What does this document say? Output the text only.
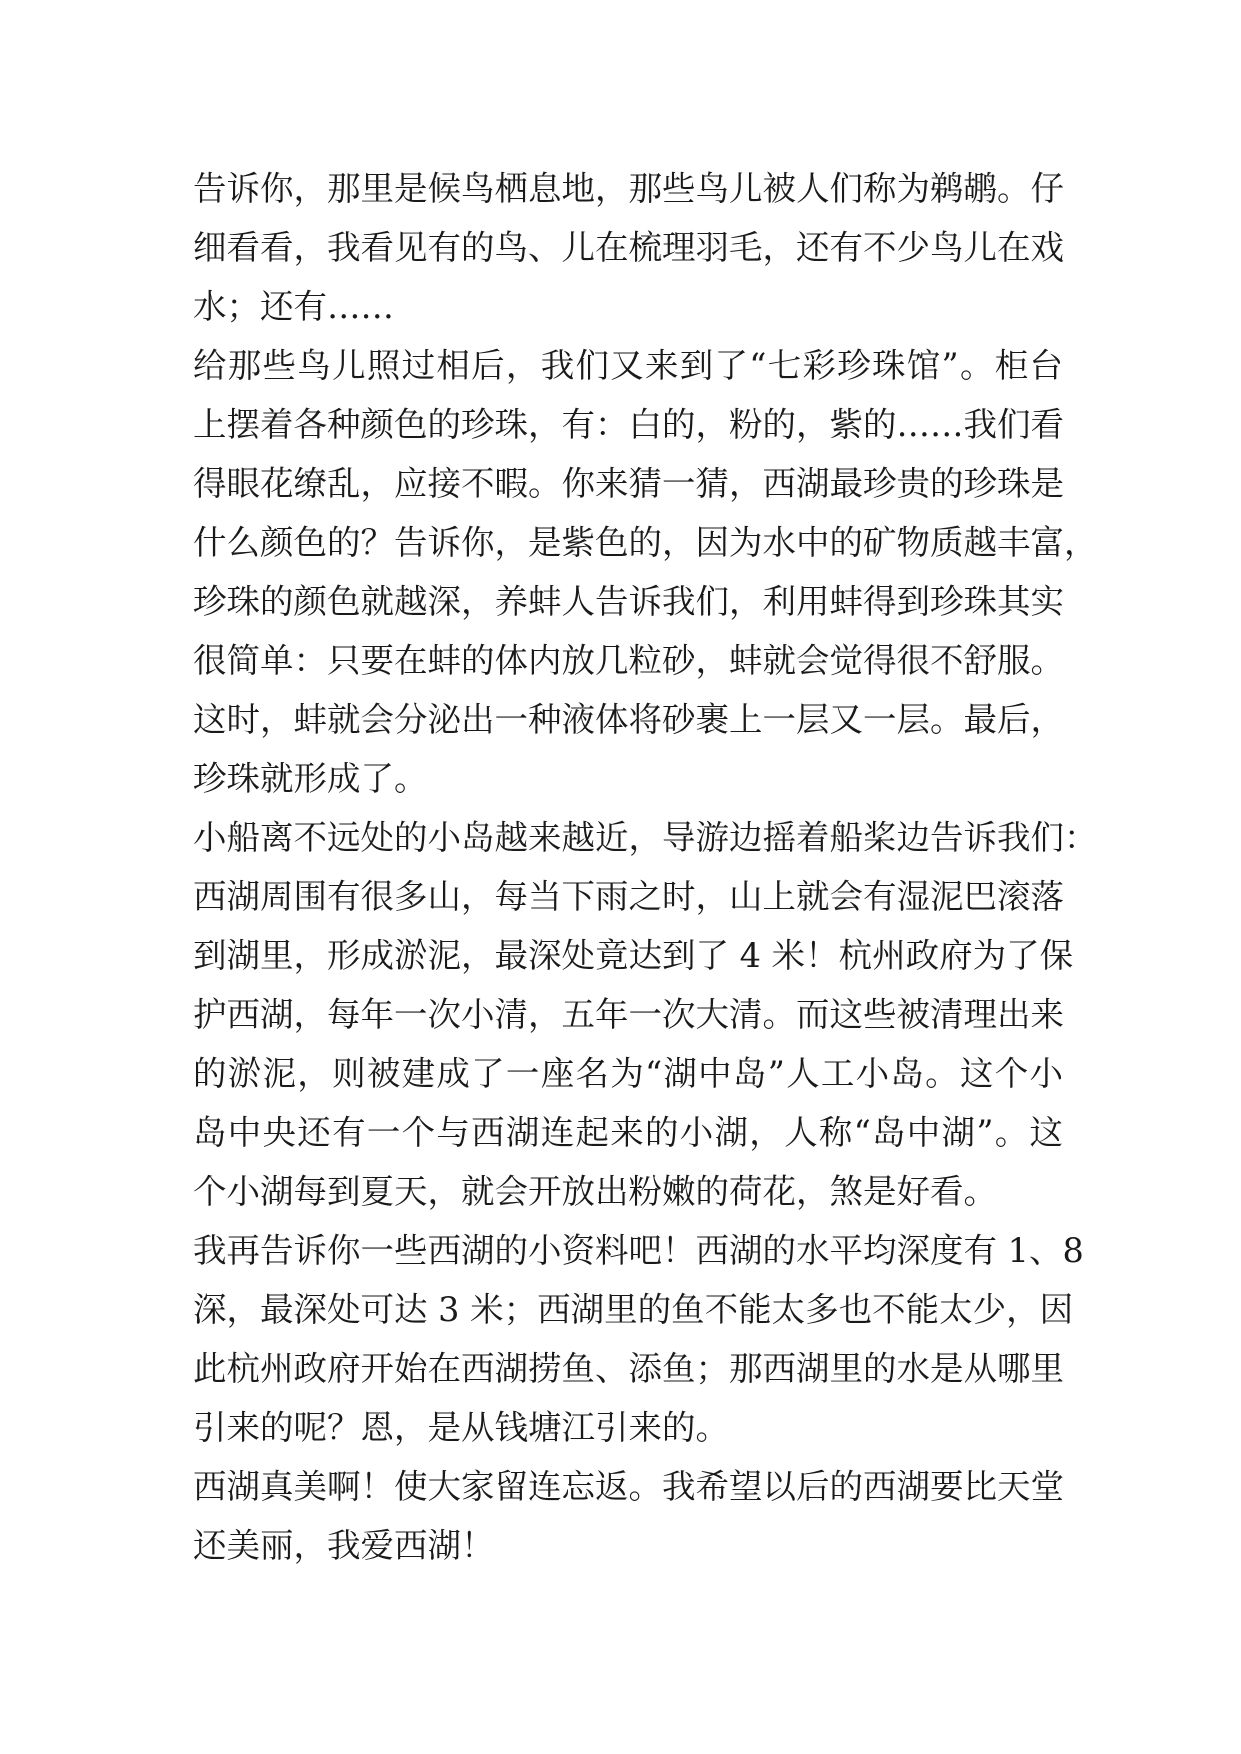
告诉你，那里是候鸟栖息地，那些鸟儿被人们称为鹈鹕。仔
细看看，我看见有的鸟、儿在梳理羽毛，还有不少鸟儿在戏
水；还有……
给那些鸟儿照过相后，我们又来到了“七彩珍珠馆”。柜台
上摆着各种颜色的珍珠，有：白的，粉的，紫的……我们看
得眼花缭乱，应接不暇。你来猜一猜，西湖最珍贵的珍珠是
什么颜色的？告诉你，是紫色的，因为水中的矿物质越丰富，
珍珠的颜色就越深，养蚌人告诉我们，利用蚌得到珍珠其实
很简单：只要在蚌的体内放几粒砂，蚌就会觉得很不舒服。
这时，蚌就会分泌出一种液体将砂裹上一层又一层。最后，
珍珠就形成了。
小船离不远处的小岛越来越近，导游边摇着船桨边告诉我们：
西湖周围有很多山，每当下雨之时，山上就会有湿泥巴滚落
到湖里，形成淤泥，最深处竟达到了 4 米！杭州政府为了保
护西湖，每年一次小清，五年一次大清。而这些被清理出来
的淤泥，则被建成了一座名为“湖中岛”人工小岛。这个小
岛中央还有一个与西湖连起来的小湖，人称“岛中湖”。这
个小湖每到夏天，就会开放出粉嫩的荷花，煞是好看。
我再告诉你一些西湖的小资料吧！西湖的水平均深度有 1、8
深，最深处可达 3 米；西湖里的鱼不能太多也不能太少，因
此杭州政府开始在西湖捞鱼、添鱼；那西湖里的水是从哪里
引来的呢？恩，是从钱塘江引来的。
西湖真美啊！使大家留连忘返。我希望以后的西湖要比天堂
还美丽，我爱西湖！
